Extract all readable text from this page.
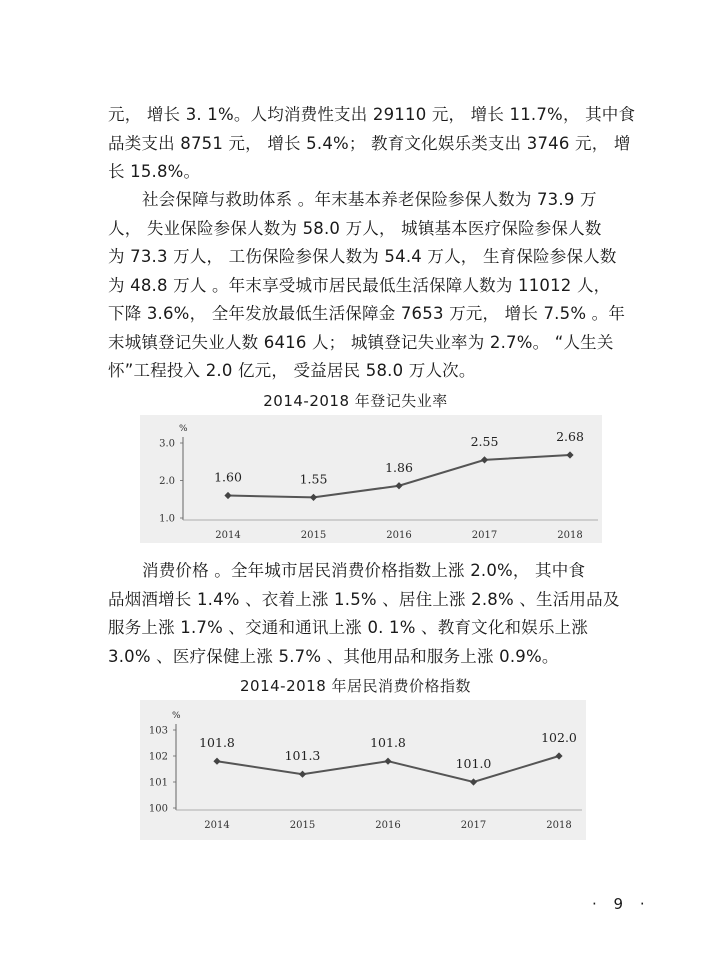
元， 增长 3. 1%。人均消费性支出 29110 元， 增长 11.7%， 其中食
品类支出 8751 元， 增长 5.4%； 教育文化娱乐类支出 3746 元， 增
长 15.8%。
社会保障与救助体系 。年末基本养老保险参保人数为 73.9 万
人， 失业保险参保人数为 58.0 万人， 城镇基本医疗保险参保人数
为 73.3 万人， 工伤保险参保人数为 54.4 万人， 生育保险参保人数
为 48.8 万人 。年末享受城市居民最低生活保障人数为 11012 人，
下降 3.6%， 全年发放最低生活保障金 7653 万元， 增长 7.5% 。年
末城镇登记失业人数 6416 人； 城镇登记失业率为 2.7%。 “人生关
怀”工程投入 2.0 亿元， 受益居民 58.0 万人次。

2014-2018 年登记失业率

%
1.0
2.0
3.0
1.60
2014
1.55
2015
1.86
2016
2.55
2017
2.68
2018
消费价格 。全年城市居民消费价格指数上涨 2.0%， 其中食
品烟酒增长 1.4% 、衣着上涨 1.5% 、居住上涨 2.8% 、生活用品及
服务上涨 1.7% 、交通和通讯上涨 0. 1% 、教育文化和娱乐上涨
3.0% 、医疗保健上涨 5.7% 、其他用品和服务上涨 0.9%。

2014-2018 年居民消费价格指数

%
100
101
102
103
101.8
2014
101.3
2015
101.8
2016
101.0
2017
102.0
2018

· 9 ·
